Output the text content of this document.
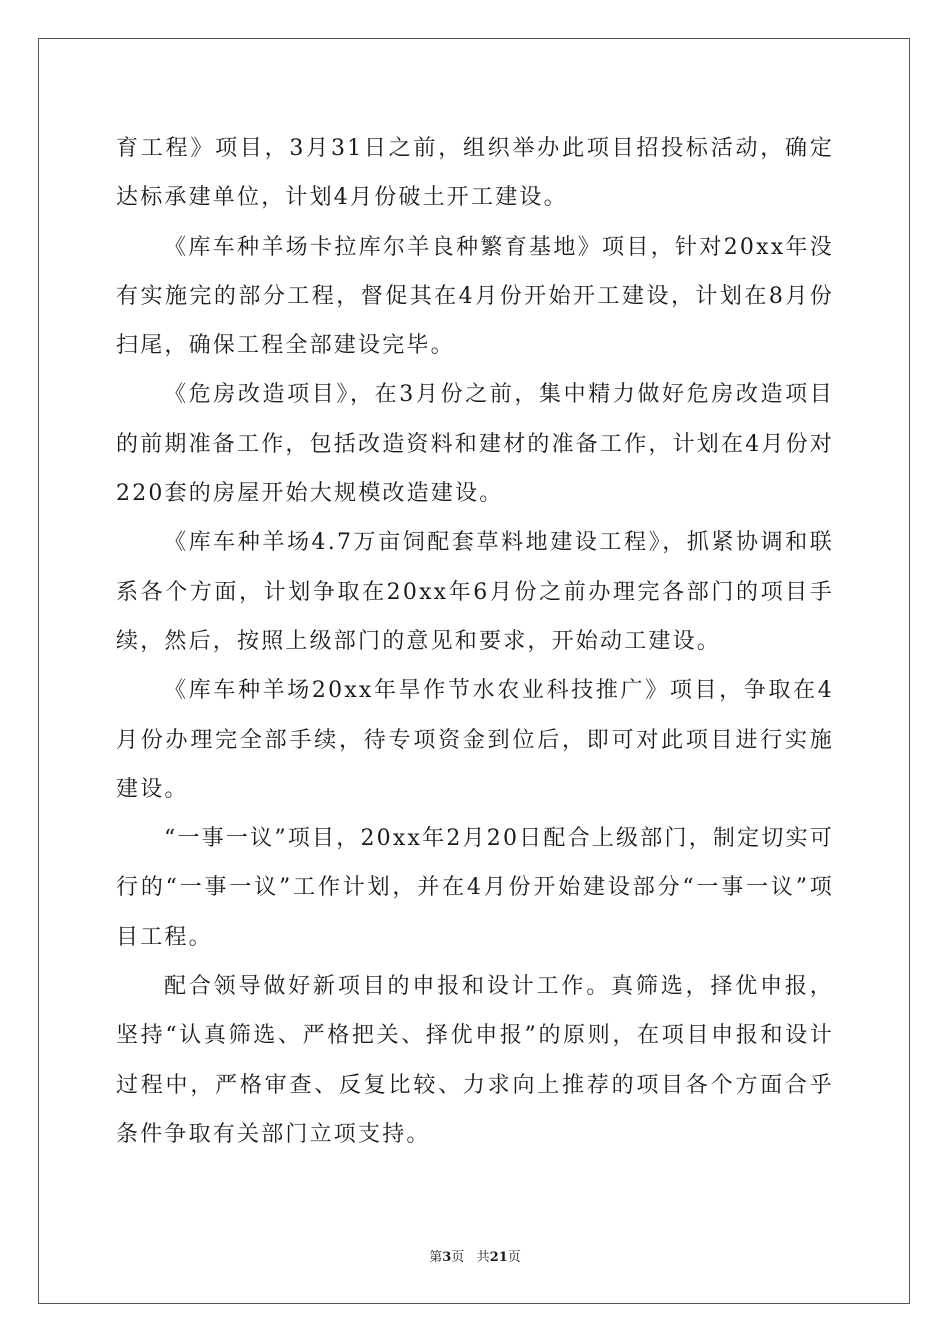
育工程》项目，3月31日之前，组织举办此项目招投标活动，确定达标承建单位，计划4月份破土开工建设。

《库车种羊场卡拉库尔羊良种繁育基地》项目，针对20xx年没有实施完的部分工程，督促其在4月份开始开工建设，计划在8月份扫尾，确保工程全部建设完毕。

《危房改造项目》，在3月份之前，集中精力做好危房改造项目的前期准备工作，包括改造资料和建材的准备工作，计划在4月份对220套的房屋开始大规模改造建设。

《库车种羊场4.7万亩饲配套草料地建设工程》，抓紧协调和联系各个方面，计划争取在20xx年6月份之前办理完各部门的项目手续，然后，按照上级部门的意见和要求，开始动工建设。

《库车种羊场20xx年旱作节水农业科技推广》项目，争取在4月份办理完全部手续，待专项资金到位后，即可对此项目进行实施建设。

“一事一议”项目，20xx年2月20日配合上级部门，制定切实可行的“一事一议”工作计划，并在4月份开始建设部分“一事一议”项目工程。

配合领导做好新项目的申报和设计工作。真筛选，择优申报，坚持“认真筛选、严格把关、择优申报”的原则，在项目申报和设计过程中，严格审查、反复比较、力求向上推荐的项目各个方面合乎条件争取有关部门立项支持。

第3页 共21页
